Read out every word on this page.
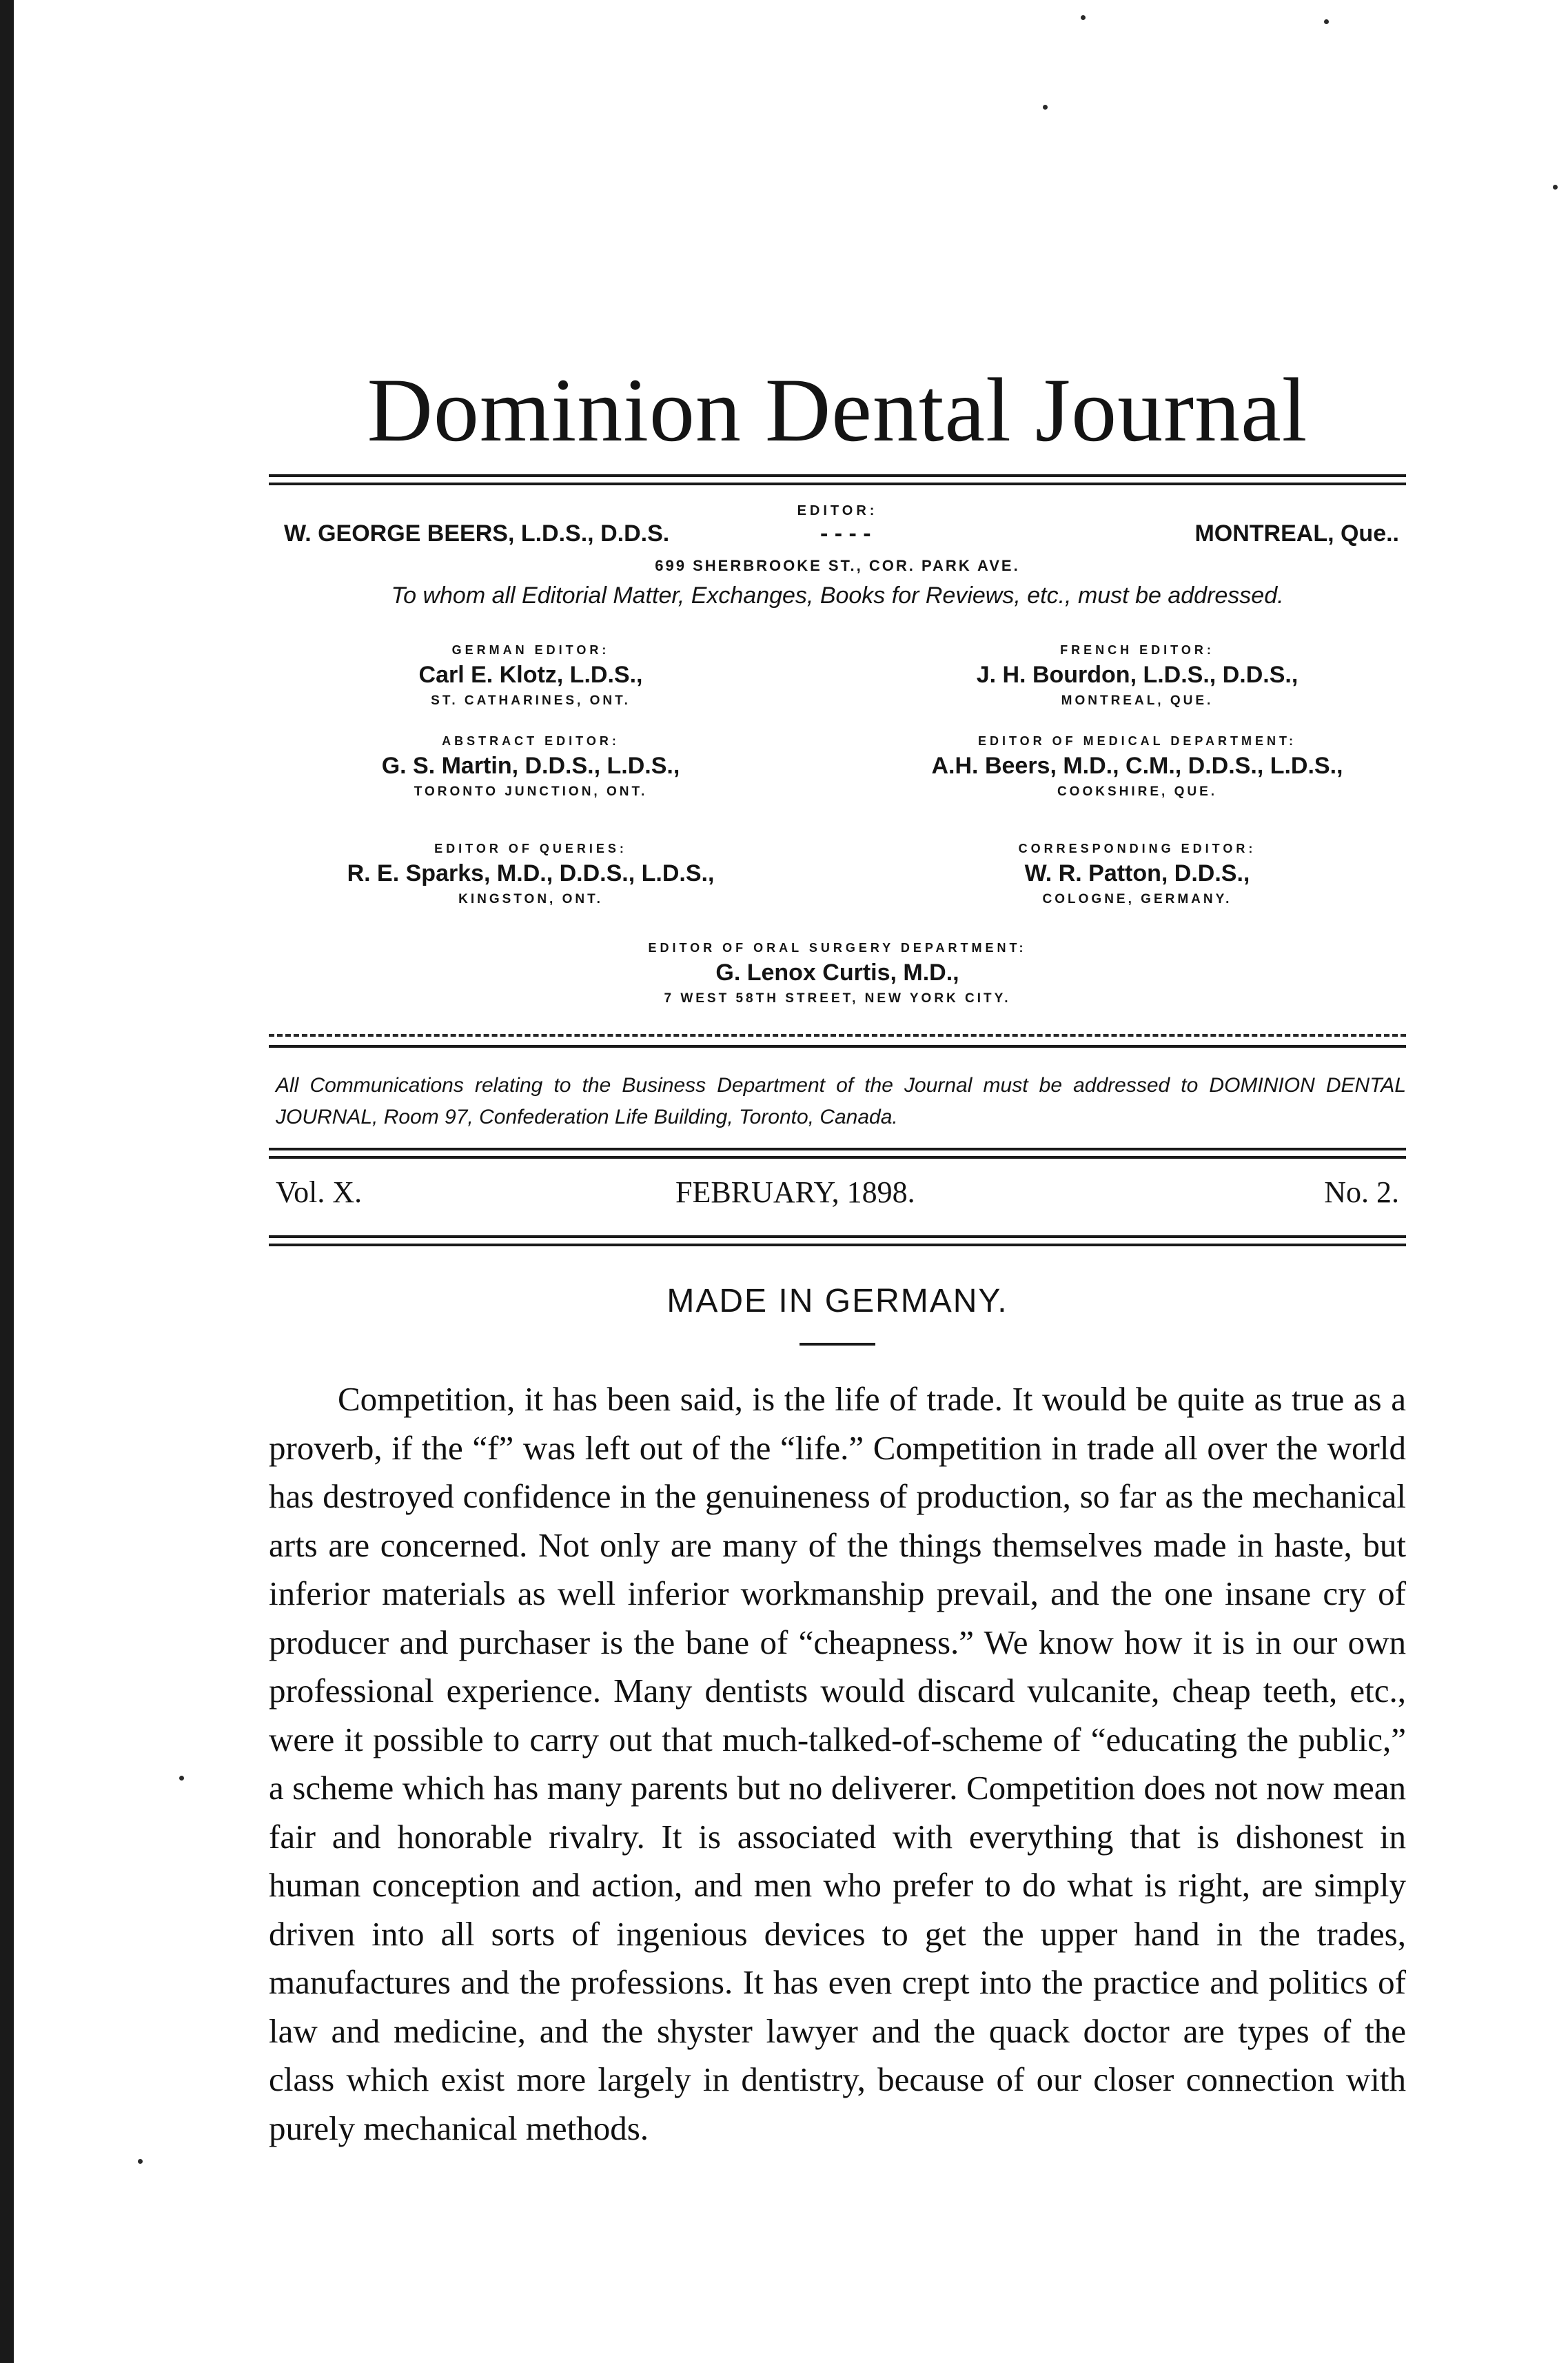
Dominion Dental Journal
EDITOR:
W. GEORGE BEERS, L.D.S., D.D.S.	- - - -	MONTREAL, Que..
699 SHERBROOKE ST., COR. PARK AVE.
To whom all Editorial Matter, Exchanges, Books for Reviews, etc., must be addressed.
GERMAN EDITOR:
Carl E. Klotz, L.D.S.,
ST. CATHARINES, ONT.
FRENCH EDITOR:
J. H. Bourdon, L.D.S., D.D.S.,
MONTREAL, QUE.
ABSTRACT EDITOR:
G. S. Martin, D.D.S., L.D.S.,
TORONTO JUNCTION, ONT.
EDITOR OF MEDICAL DEPARTMENT:
A.H. Beers, M.D., C.M., D.D.S., L.D.S.,
COOKSHIRE, QUE.
EDITOR OF QUERIES:
R. E. Sparks, M.D., D.D.S., L.D.S.,
KINGSTON, ONT.
CORRESPONDING EDITOR:
W. R. Patton, D.D.S.,
COLOGNE, GERMANY.
EDITOR OF ORAL SURGERY DEPARTMENT:
G. Lenox Curtis, M.D.,
7 WEST 58TH STREET, NEW YORK CITY.
All Communications relating to the Business Department of the Journal must be addressed to DOMINION DENTAL JOURNAL, Room 97, Confederation Life Building, Toronto, Canada.
Vol. X.	FEBRUARY, 1898.	No. 2.
MADE IN GERMANY.

Competition, it has been said, is the life of trade. It would be quite as true as a proverb, if the “f” was left out of the “life.” Competition in trade all over the world has destroyed confidence in the genuineness of production, so far as the mechanical arts are concerned. Not only are many of the things themselves made in haste, but inferior materials as well inferior workmanship prevail, and the one insane cry of producer and purchaser is the bane of “cheapness.” We know how it is in our own professional experience. Many dentists would discard vulcanite, cheap teeth, etc., were it possible to carry out that much-talked-of-scheme of “educating the public,” a scheme which has many parents but no deliverer. Competition does not now mean fair and honorable rivalry. It is associated with everything that is dishonest in human conception and action, and men who prefer to do what is right, are simply driven into all sorts of ingenious devices to get the upper hand in the trades, manufactures and the professions. It has even crept into the practice and politics of law and medicine, and the shyster lawyer and the quack doctor are types of the class which exist more largely in dentistry, because of our closer connection with purely mechanical methods.
